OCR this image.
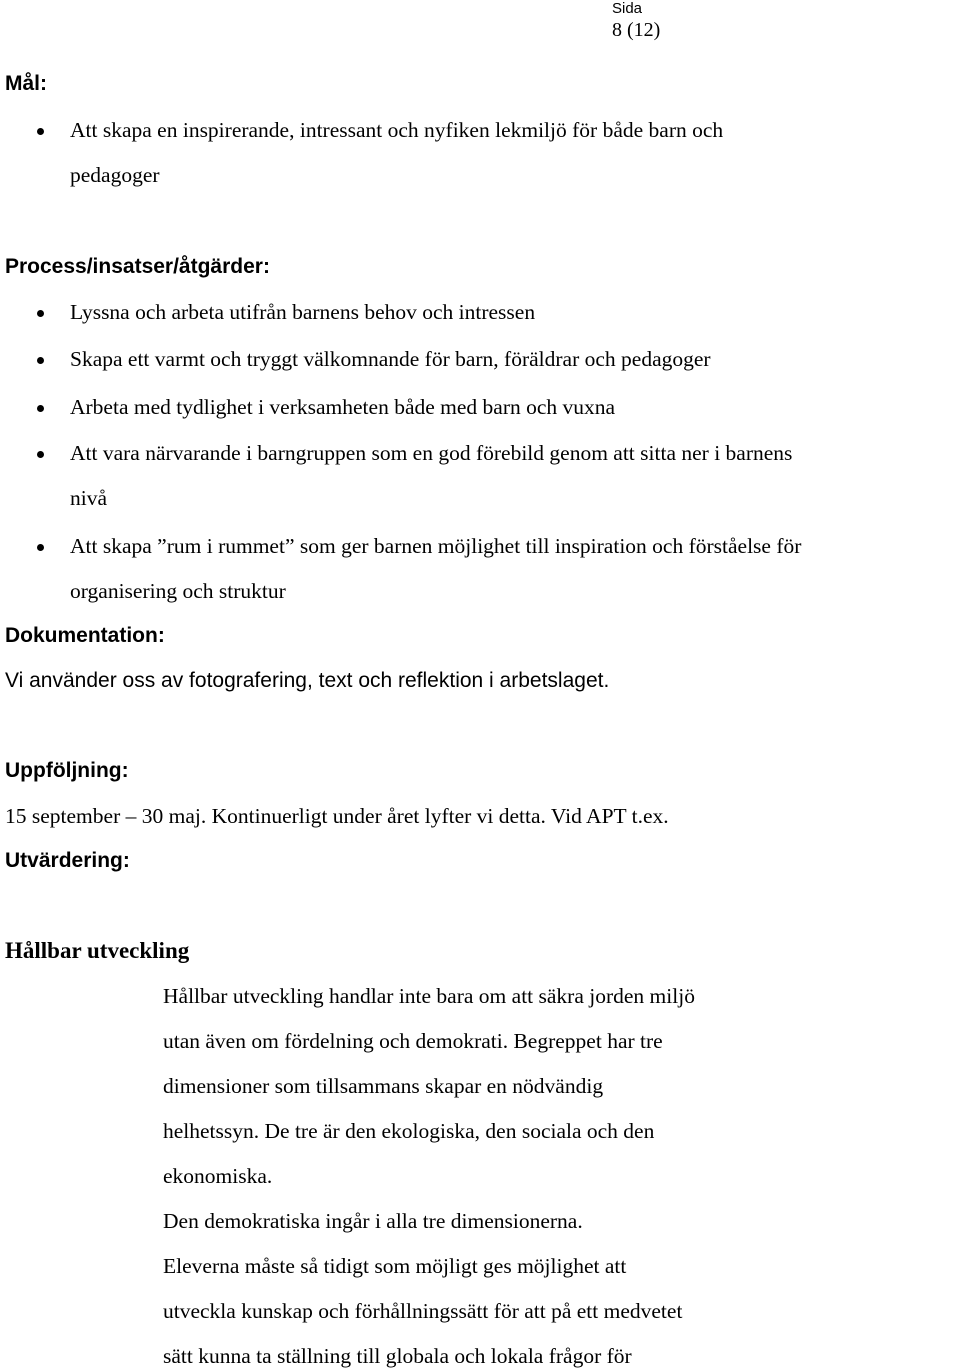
Sida
8 (12)
Mål:
Att skapa en inspirerande, intressant och nyfiken lekmiljö för både barn och
pedagoger
Process/insatser/åtgärder:
Lyssna och arbeta utifrån barnens behov och intressen
Skapa ett varmt och tryggt välkomnande för barn, föräldrar och pedagoger
Arbeta med tydlighet i verksamheten både med barn och vuxna
Att vara närvarande i barngruppen som en god förebild genom att sitta ner i barnens
nivå
Att skapa ”rum i rummet” som ger barnen möjlighet till inspiration och förståelse för
organisering och struktur
Dokumentation:
Vi använder oss av fotografering, text och reflektion i arbetslaget.
Uppföljning:
15 september – 30 maj. Kontinuerligt under året lyfter vi detta. Vid APT t.ex.
Utvärdering:
Hållbar utveckling
Hållbar utveckling handlar inte bara om att säkra jorden miljö
utan även om fördelning och demokrati. Begreppet har tre
dimensioner som tillsammans skapar en nödvändig
helhetssyn. De tre är den ekologiska, den sociala och den
ekonomiska.
Den demokratiska ingår i alla tre dimensionerna.
Eleverna måste så tidigt som möjligt ges möjlighet att
utveckla kunskap och förhållningssätt för att på ett medvetet
sätt kunna ta ställning till globala och lokala frågor för
